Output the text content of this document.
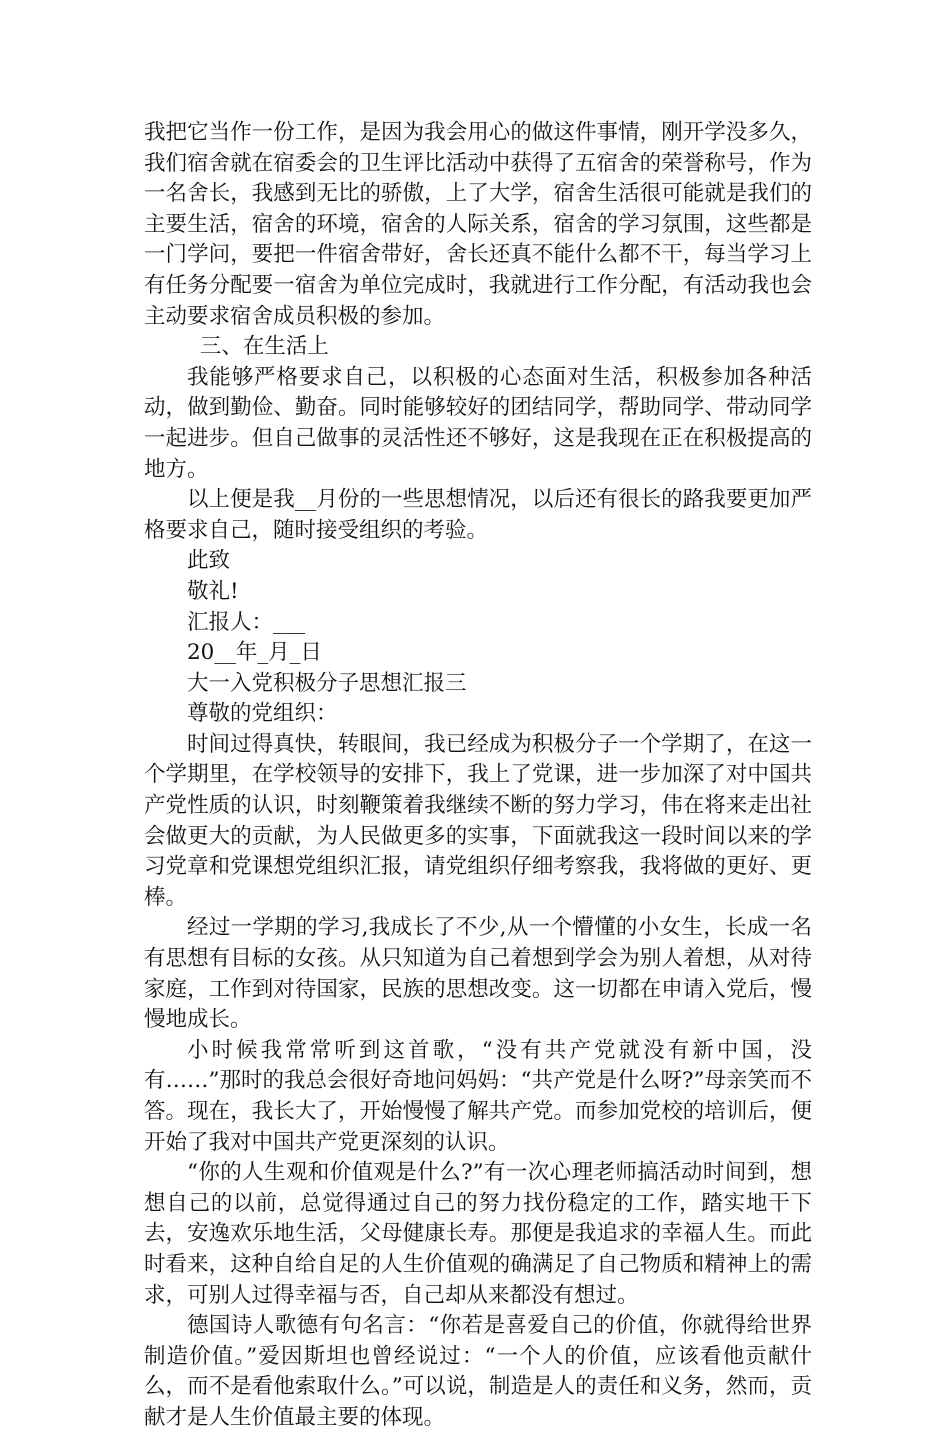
我把它当作一份工作，是因为我会用心的做这件事情，刚开学没多久，我们宿舍就在宿委会的卫生评比活动中获得了五宿舍的荣誉称号，作为一名舍长，我感到无比的骄傲，上了大学，宿舍生活很可能就是我们的主要生活，宿舍的环境，宿舍的人际关系，宿舍的学习氛围，这些都是一门学问，要把一件宿舍带好，舍长还真不能什么都不干，每当学习上有任务分配要一宿舍为单位完成时，我就进行工作分配，有活动我也会主动要求宿舍成员积极的参加。

三、在生活上

我能够严格要求自己，以积极的心态面对生活，积极参加各种活动，做到勤俭、勤奋。同时能够较好的团结同学，帮助同学、带动同学一起进步。但自己做事的灵活性还不够好，这是我现在正在积极提高的地方。

以上便是我__月份的一些思想情况，以后还有很长的路我要更加严格要求自己，随时接受组织的考验。

此致

敬礼!

汇报人：___

20__年_月_日

大一入党积极分子思想汇报三

尊敬的党组织：

时间过得真快，转眼间，我已经成为积极分子一个学期了，在这一个学期里，在学校领导的安排下，我上了党课，进一步加深了对中国共产党性质的认识，时刻鞭策着我继续不断的努力学习，伟在将来走出社会做更大的贡献，为人民做更多的实事，下面就我这一段时间以来的学习党章和党课想党组织汇报，请党组织仔细考察我，我将做的更好、更棒。

经过一学期的学习,我成长了不少,从一个懵懂的小女生，长成一名有思想有目标的女孩。从只知道为自己着想到学会为别人着想，从对待家庭，工作到对待国家，民族的思想改变。这一切都在申请入党后，慢慢地成长。

小时候我常常听到这首歌，“没有共产党就没有新中国，没有……”那时的我总会很好奇地问妈妈：“共产党是什么呀?”母亲笑而不答。现在，我长大了，开始慢慢了解共产党。而参加党校的培训后，便开始了我对中国共产党更深刻的认识。

“你的人生观和价值观是什么?”有一次心理老师搞活动时间到，想想自己的以前，总觉得通过自己的努力找份稳定的工作，踏实地干下去，安逸欢乐地生活，父母健康长寿。那便是我追求的幸福人生。而此时看来，这种自给自足的人生价值观的确满足了自己物质和精神上的需求，可别人过得幸福与否，自己却从来都没有想过。

德国诗人歌德有句名言：“你若是喜爱自己的价值，你就得给世界制造价值。”爱因斯坦也曾经说过：“一个人的价值，应该看他贡献什么，而不是看他索取什么。”可以说，制造是人的责任和义务，然而，贡献才是人生价值最主要的体现。
